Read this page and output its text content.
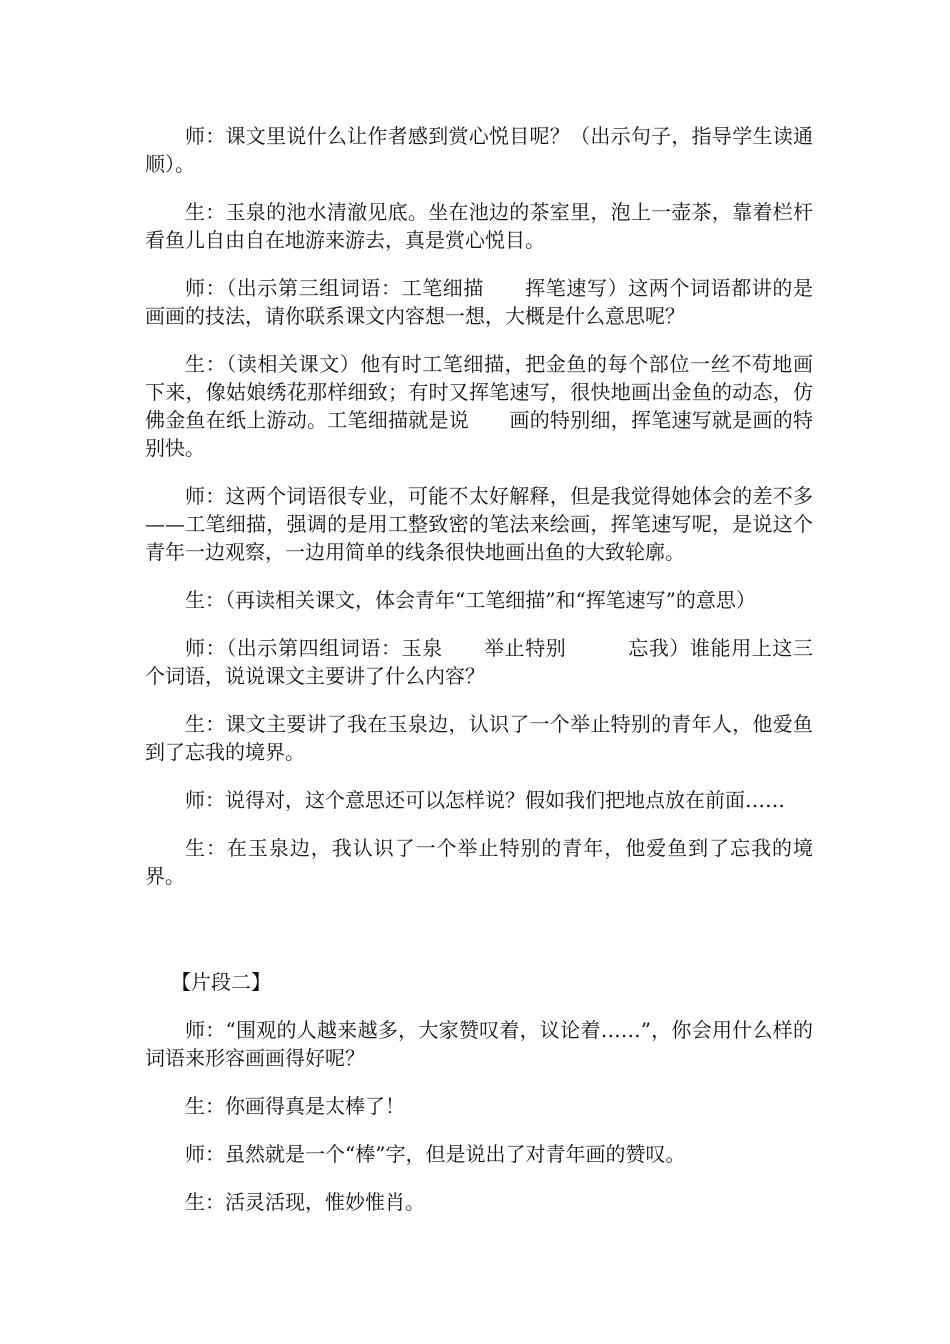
师：课文里说什么让作者感到赏心悦目呢？（出示句子，指导学生读通顺）。

生：玉泉的池水清澈见底。坐在池边的茶室里，泡上一壶茶，靠着栏杆看鱼儿自由自在地游来游去，真是赏心悦目。

师：（出示第三组词语：工笔细描　　挥笔速写）这两个词语都讲的是画画的技法，请你联系课文内容想一想，大概是什么意思呢？

生：（读相关课文）他有时工笔细描，把金鱼的每个部位一丝不苟地画下来，像姑娘绣花那样细致；有时又挥笔速写，很快地画出金鱼的动态，仿佛金鱼在纸上游动。工笔细描就是说　　画的特别细，挥笔速写就是画的特别快。

师：这两个词语很专业，可能不太好解释，但是我觉得她体会的差不多——工笔细描，强调的是用工整致密的笔法来绘画，挥笔速写呢，是说这个青年一边观察，一边用简单的线条很快地画出鱼的大致轮廓。

生：（再读相关课文，体会青年“工笔细描”和“挥笔速写”的意思）

师：（出示第四组词语：玉泉　　举止特别　　　忘我）谁能用上这三个词语，说说课文主要讲了什么内容？

生：课文主要讲了我在玉泉边，认识了一个举止特别的青年人，他爱鱼到了忘我的境界。

师：说得对，这个意思还可以怎样说？假如我们把地点放在前面……

生：在玉泉边，我认识了一个举止特别的青年，他爱鱼到了忘我的境界。

【片段二】

师：“围观的人越来越多，大家赞叹着，议论着……”，你会用什么样的词语来形容画画得好呢？

生：你画得真是太棒了！

师：虽然就是一个“棒”字，但是说出了对青年画的赞叹。

生：活灵活现，惟妙惟肖。
